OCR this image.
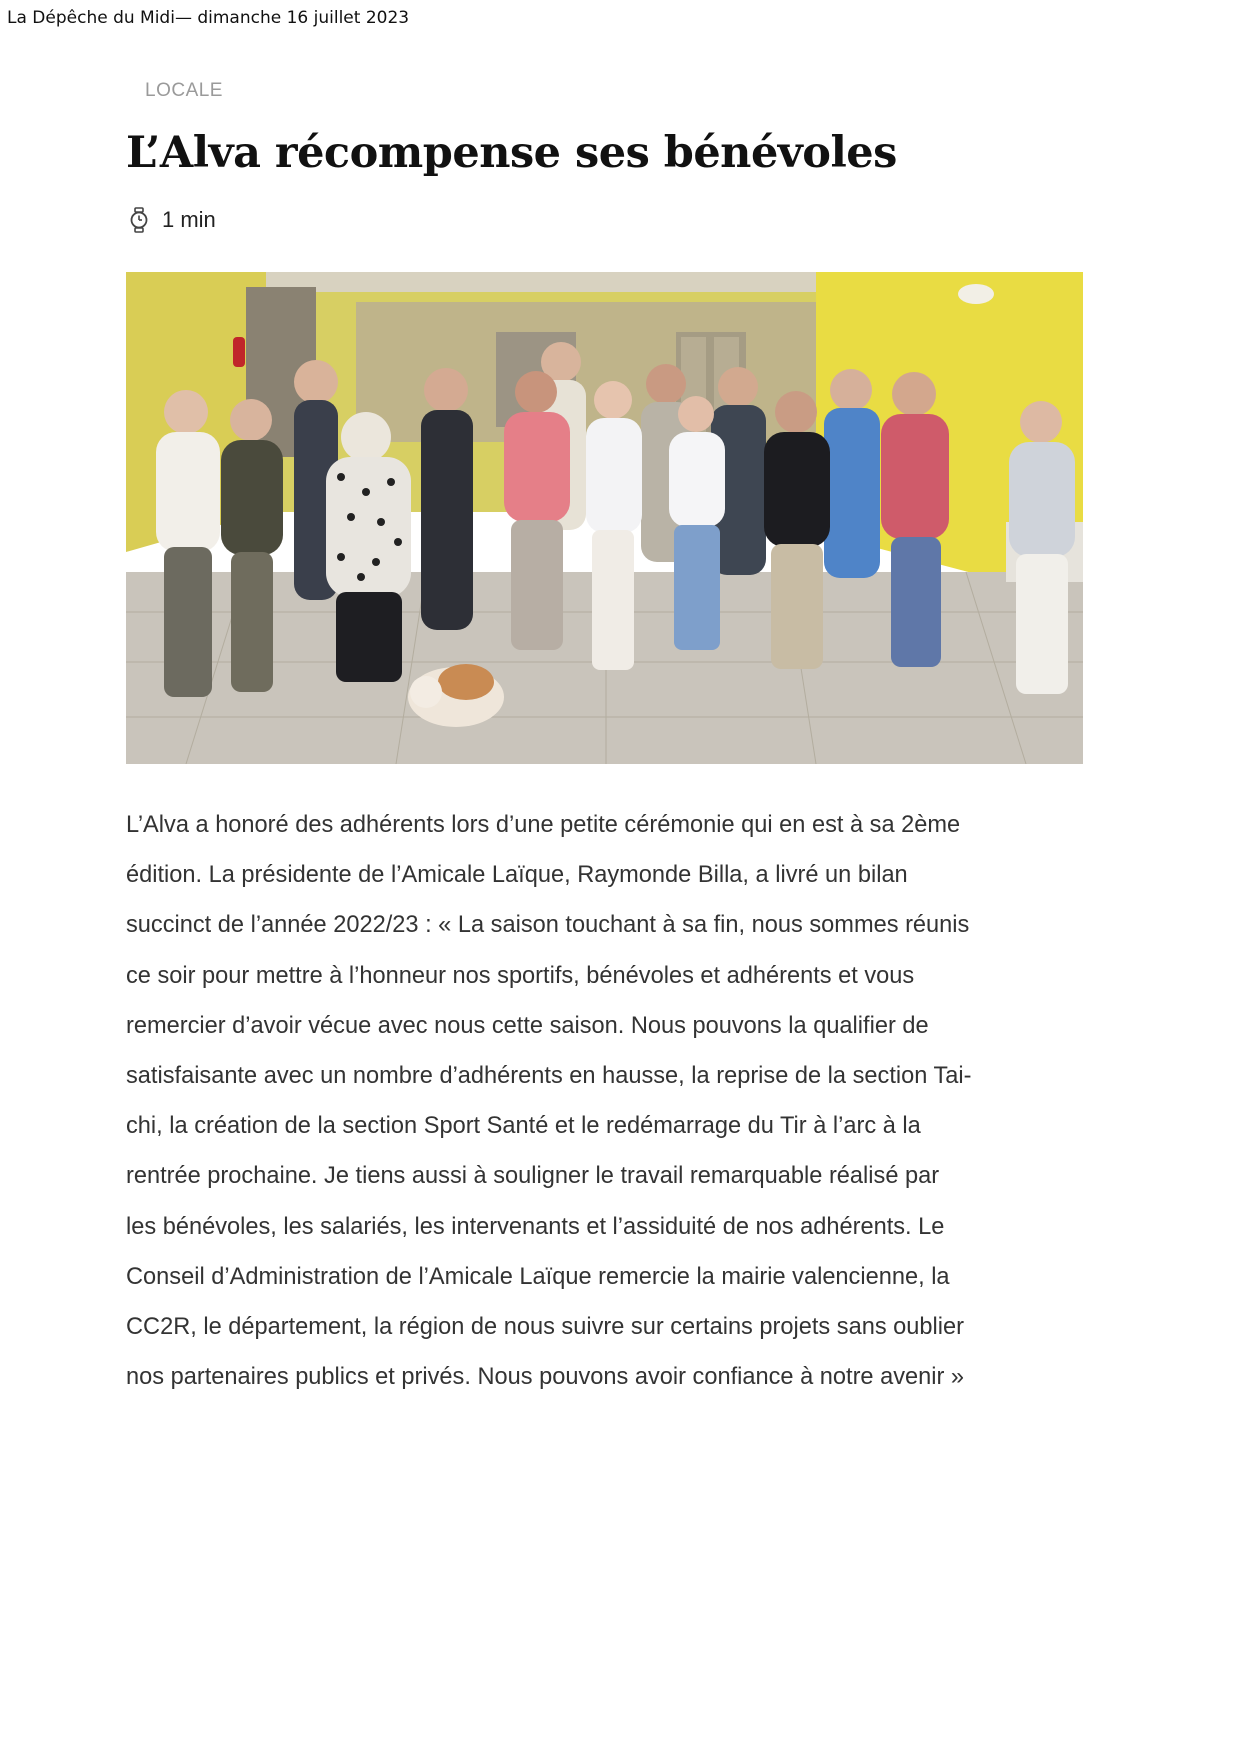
La Dépêche du Midi— dimanche 16 juillet 2023
LOCALE
L’Alva récompense ses bénévoles
1 min

L’Alva a honoré des adhérents lors d’une petite cérémonie qui en est à sa 2ème
édition. La présidente de l’Amicale Laïque, Raymonde Billa, a livré un bilan
succinct de l’année 2022/23 : « La saison touchant à sa fin, nous sommes réunis
ce soir pour mettre à l’honneur nos sportifs, bénévoles et adhérents et vous
remercier d’avoir vécue avec nous cette saison. Nous pouvons la qualifier de
satisfaisante avec un nombre d’adhérents en hausse, la reprise de la section Tai-
chi, la création de la section Sport Santé et le redémarrage du Tir à l’arc à la
rentrée prochaine. Je tiens aussi à souligner le travail remarquable réalisé par
les bénévoles, les salariés, les intervenants et l’assiduité de nos adhérents. Le
Conseil d’Administration de l’Amicale Laïque remercie la mairie valencienne, la
CC2R, le département, la région de nous suivre sur certains projets sans oublier
nos partenaires publics et privés. Nous pouvons avoir confiance à notre avenir »
